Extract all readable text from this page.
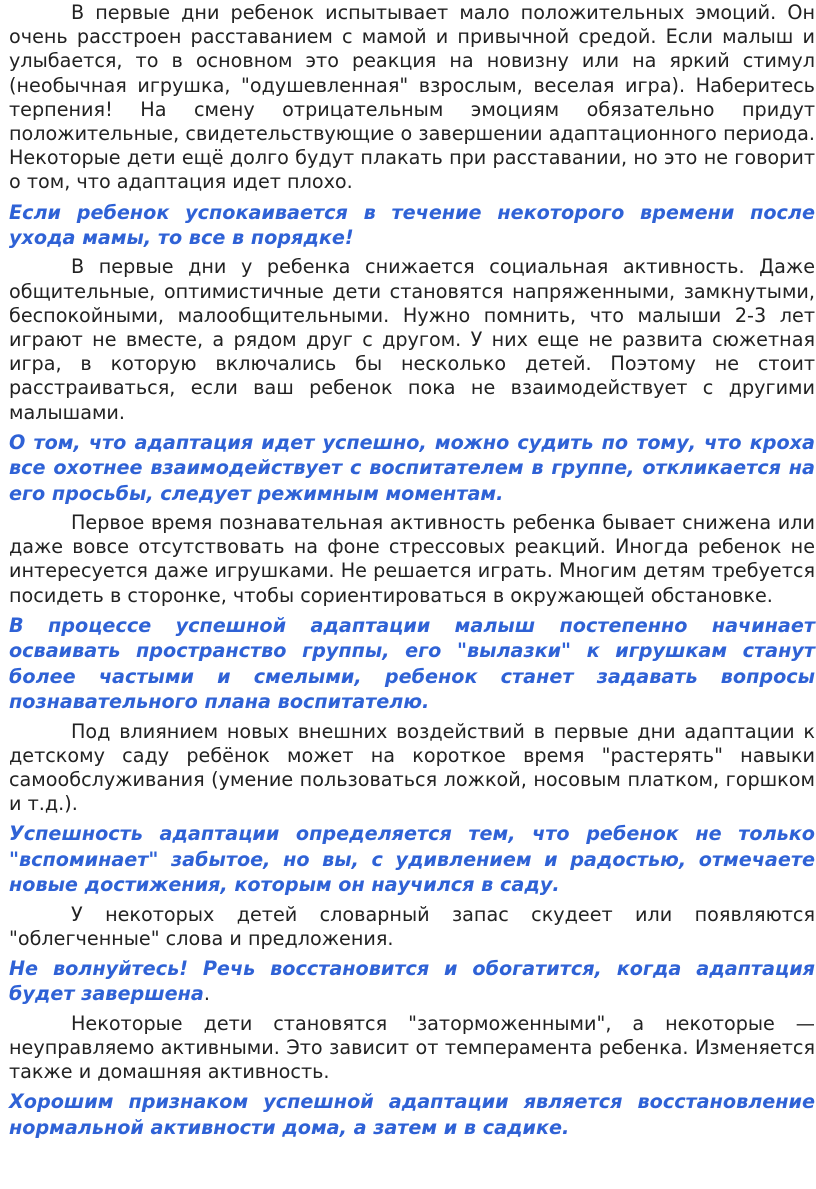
В первые дни ребенок испытывает мало положительных эмоций. Он очень расстроен расставанием с мамой и привычной средой. Если малыш и улыбается, то в основном это реакция на новизну или на яркий стимул (необычная игрушка, "одушевленная" взрослым, веселая игра). Наберитесь терпения! На смену отрицательным эмоциям обязательно придут положительные, свидетельствующие о завершении адаптационного периода. Некоторые дети ещё долго будут плакать при расставании, но это не говорит о том, что адаптация идет плохо.

Если ребенок успокаивается в течение некоторого времени после ухода мамы, то все в порядке!

В первые дни у ребенка снижается социальная активность. Даже общительные, оптимистичные дети становятся напряженными, замкнутыми, беспокойными, малообщительными. Нужно помнить, что малыши 2-3 лет играют не вместе, а рядом друг с другом. У них еще не развита сюжетная игра, в которую включались бы несколько детей. Поэтому не стоит расстраиваться, если ваш ребенок пока не взаимодействует с другими малышами.

О том, что адаптация идет успешно, можно судить по тому, что кроха все охотнее взаимодействует с воспитателем в группе, откликается на его просьбы, следует режимным моментам.

Первое время познавательная активность ребенка бывает снижена или даже вовсе отсутствовать на фоне стрессовых реакций. Иногда ребенок не интересуется даже игрушками. Не решается играть. Многим детям требуется посидеть в сторонке, чтобы сориентироваться в окружающей обстановке.

В процессе успешной адаптации малыш постепенно начинает осваивать пространство группы, его "вылазки" к игрушкам станут более частыми и смелыми, ребенок станет задавать вопросы познавательного плана воспитателю.

Под влиянием новых внешних воздействий в первые дни адаптации к детскому саду ребёнок может на короткое время "растерять" навыки самообслуживания (умение пользоваться ложкой, носовым платком, горшком и т.д.).

Успешность адаптации определяется тем, что ребенок не только "вспоминает" забытое, но вы, с удивлением и радостью, отмечаете новые достижения, которым он научился в саду.

У некоторых детей словарный запас скудеет или появляются "облегченные" слова и предложения.

Не волнуйтесь! Речь восстановится и обогатится, когда адаптация будет завершена.

Некоторые дети становятся "заторможенными", а некоторые — неуправляемо активными. Это зависит от темперамента ребенка. Изменяется также и домашняя активность.

Хорошим признаком успешной адаптации является восстановление нормальной активности дома, а затем и в садике.
